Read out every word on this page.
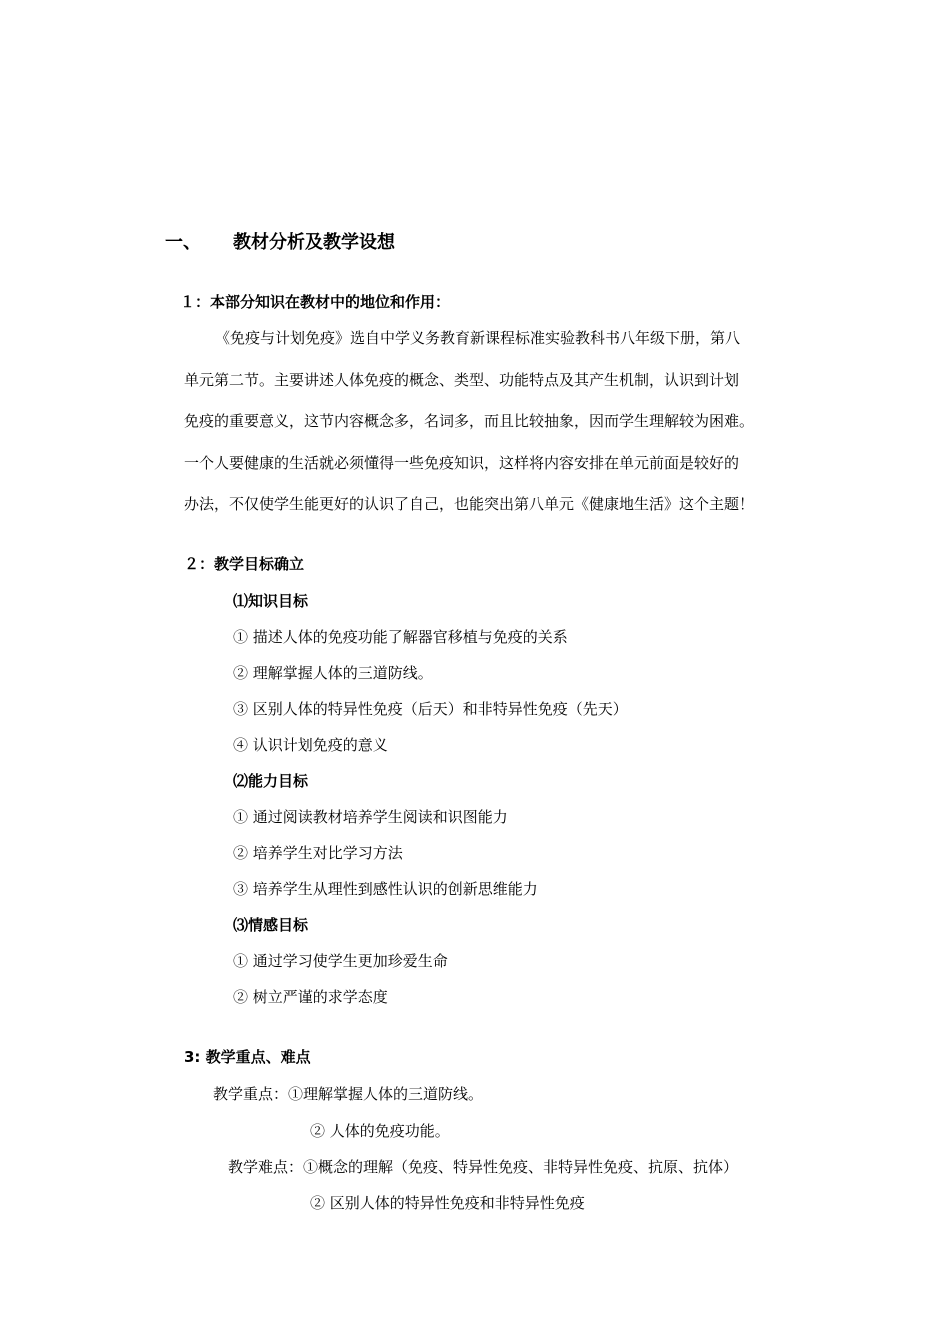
一、 教材分析及教学设想
１：本部分知识在教材中的地位和作用：
《免疫与计划免疫》选自中学义务教育新课程标准实验教科书八年级下册，第八
单元第二节。主要讲述人体免疫的概念、类型、功能特点及其产生机制，认识到计划
免疫的重要意义，这节内容概念多，名词多，而且比较抽象，因而学生理解较为困难。
一个人要健康的生活就必须懂得一些免疫知识，这样将内容安排在单元前面是较好的
办法，不仅使学生能更好的认识了自己，也能突出第八单元《健康地生活》这个主题！
２：教学目标确立
⑴知识目标
① 描述人体的免疫功能了解器官移植与免疫的关系
② 理解掌握人体的三道防线。
③ 区别人体的特异性免疫（后天）和非特异性免疫（先天）
④ 认识计划免疫的意义
⑵能力目标
① 通过阅读教材培养学生阅读和识图能力
② 培养学生对比学习方法
③ 培养学生从理性到感性认识的创新思维能力
⑶情感目标
① 通过学习使学生更加珍爱生命
② 树立严谨的求学态度
3: 教学重点、难点
教学重点：①理解掌握人体的三道防线。
② 人体的免疫功能。
教学难点：①概念的理解（免疫、特异性免疫、非特异性免疫、抗原、抗体）
② 区别人体的特异性免疫和非特异性免疫
